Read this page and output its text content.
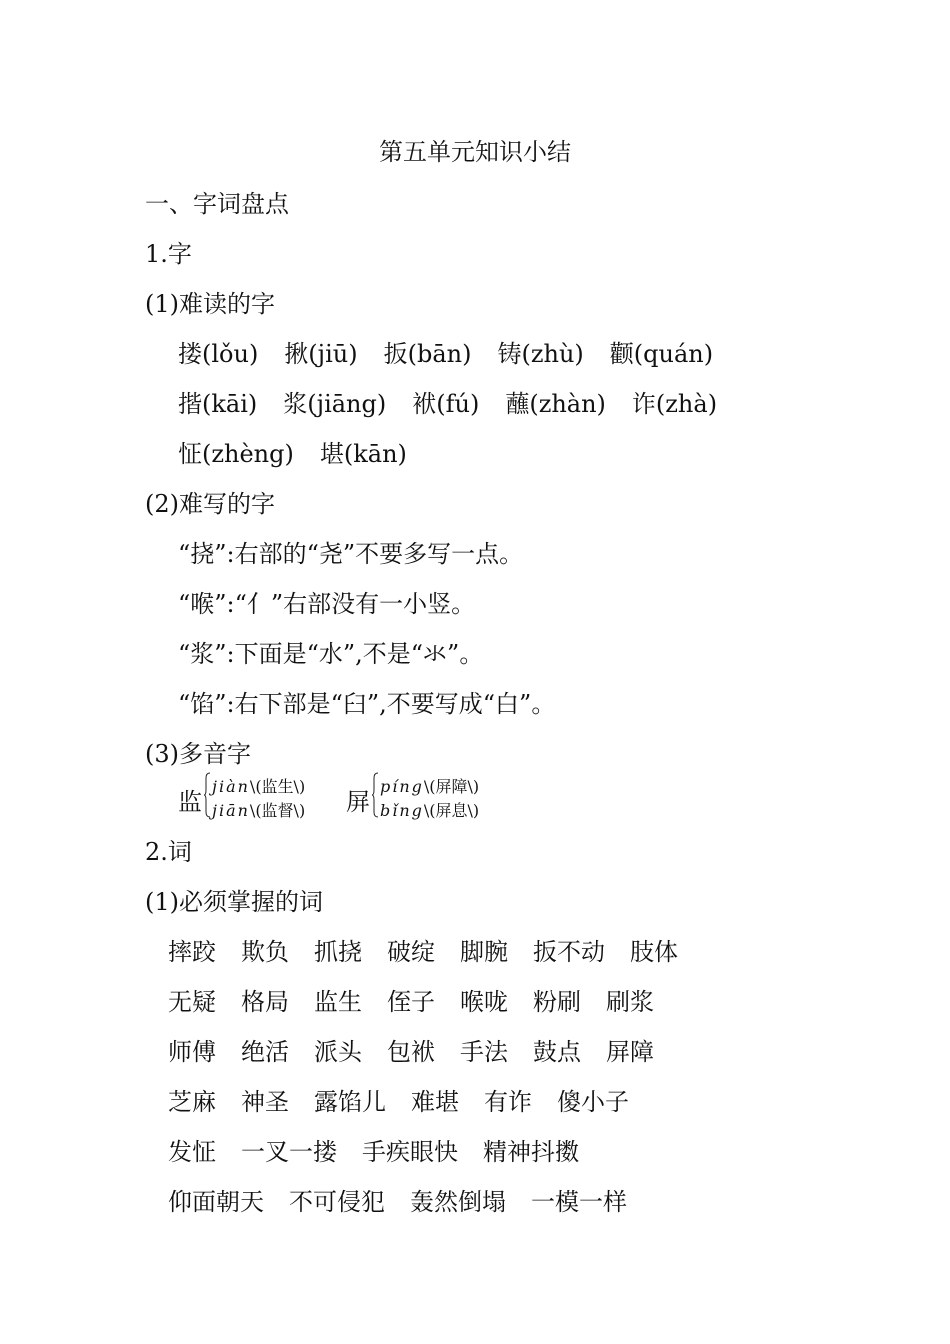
第五单元知识小结
一、字词盘点
1.字
(1)难读的字
搂(lǒu) 揪(jiū) 扳(bān) 铸(zhù) 颧(quán)
揩(kāi) 浆(jiāng) 袱(fú) 蘸(zhàn) 诈(zhà)
怔(zhèng) 堪(kān)
(2)难写的字
“挠”:右部的“尧”不要多写一点。
“喉”:“亻”右部没有一小竖。
“浆”:下面是“水”,不是“氺”。
“馅”:右下部是“臼”,不要写成“白”。
(3)多音字
监
jiàn\(监生\)
jiān\(监督\) 屏
píng\(屏障\)
bǐng\(屏息\)
2.词
(1)必须掌握的词
摔跤 欺负 抓挠 破绽 脚腕 扳不动 肢体
无疑 格局 监生 侄子 喉咙 粉刷 刷浆
师傅 绝活 派头 包袱 手法 鼓点 屏障
芝麻 神圣 露馅儿 难堪 有诈 傻小子
发怔 一叉一搂 手疾眼快 精神抖擞
仰面朝天 不可侵犯 轰然倒塌 一模一样
